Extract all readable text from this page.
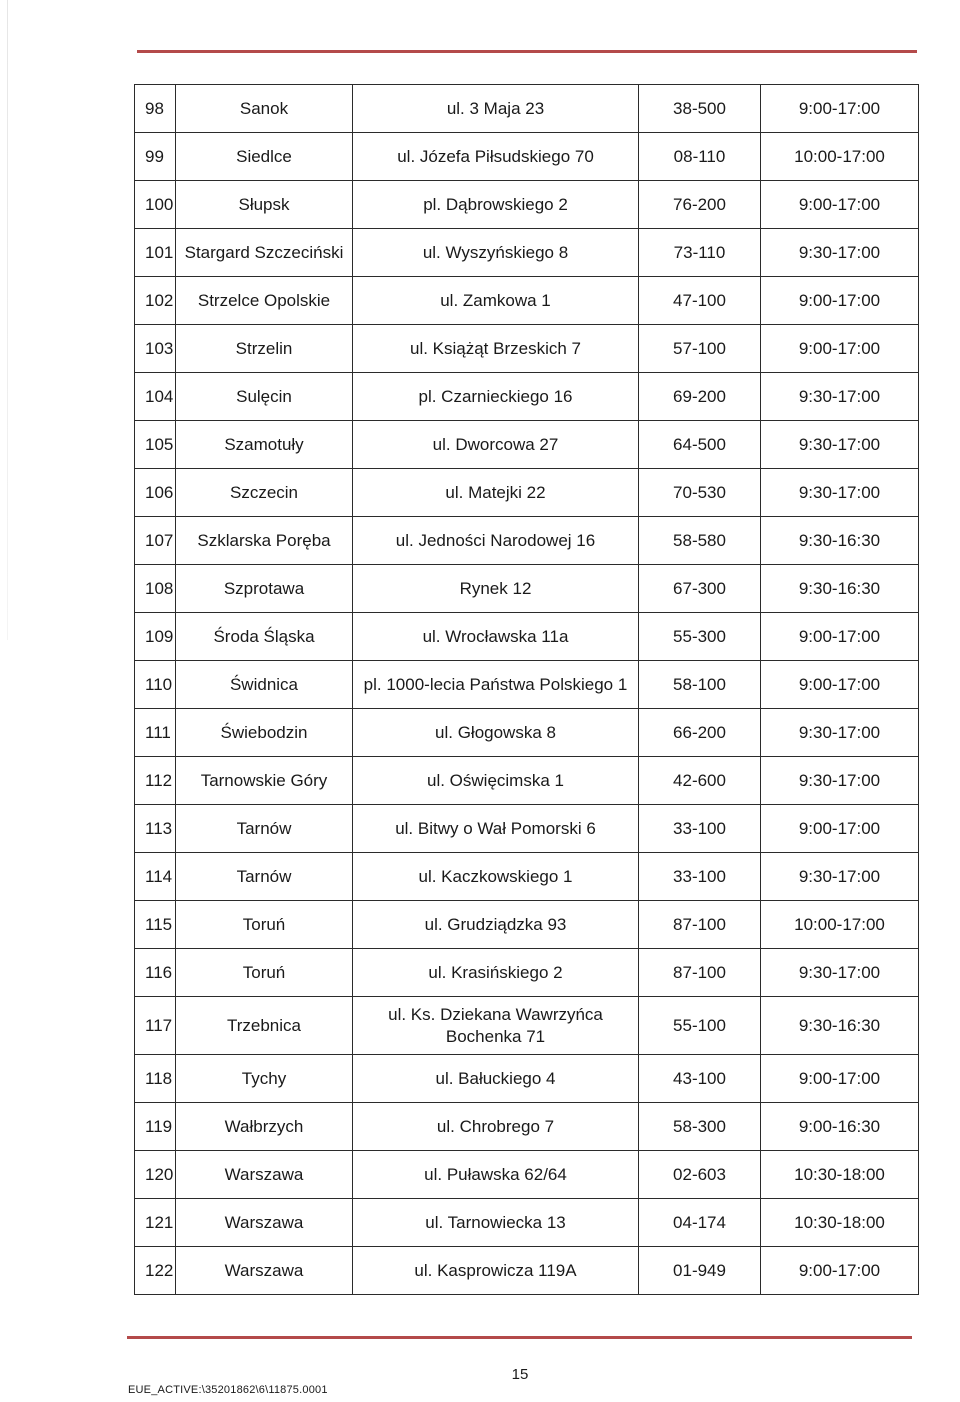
98	Sanok	ul. 3 Maja 23	38-500	9:00-17:00
99	Siedlce	ul. Józefa Piłsudskiego 70	08-110	10:00-17:00
100	Słupsk	pl. Dąbrowskiego 2	76-200	9:00-17:00
101	Stargard Szczeciński	ul. Wyszyńskiego 8	73-110	9:30-17:00
102	Strzelce Opolskie	ul. Zamkowa 1	47-100	9:00-17:00
103	Strzelin	ul. Książąt Brzeskich 7	57-100	9:00-17:00
104	Sulęcin	pl. Czarnieckiego 16	69-200	9:30-17:00
105	Szamotuły	ul. Dworcowa 27	64-500	9:30-17:00
106	Szczecin	ul. Matejki 22	70-530	9:30-17:00
107	Szklarska Poręba	ul. Jedności Narodowej 16	58-580	9:30-16:30
108	Szprotawa	Rynek 12	67-300	9:30-16:30
109	Środa Śląska	ul. Wrocławska 11a	55-300	9:00-17:00
110	Świdnica	pl. 1000-lecia Państwa Polskiego 1	58-100	9:00-17:00
111	Świebodzin	ul. Głogowska 8	66-200	9:30-17:00
112	Tarnowskie Góry	ul. Oświęcimska 1	42-600	9:30-17:00
113	Tarnów	ul. Bitwy o Wał Pomorski 6	33-100	9:00-17:00
114	Tarnów	ul. Kaczkowskiego 1	33-100	9:30-17:00
115	Toruń	ul. Grudziądzka 93	87-100	10:00-17:00
116	Toruń	ul. Krasińskiego 2	87-100	9:30-17:00
117	Trzebnica	ul. Ks. Dziekana Wawrzyńca Bochenka 71	55-100	9:30-16:30
118	Tychy	ul. Bałuckiego 4	43-100	9:00-17:00
119	Wałbrzych	ul. Chrobrego 7	58-300	9:00-16:30
120	Warszawa	ul. Puławska 62/64	02-603	10:30-18:00
121	Warszawa	ul. Tarnowiecka 13	04-174	10:30-18:00
122	Warszawa	ul. Kasprowicza 119A	01-949	9:00-17:00
15
EUE_ACTIVE:\35201862\6\11875.0001
